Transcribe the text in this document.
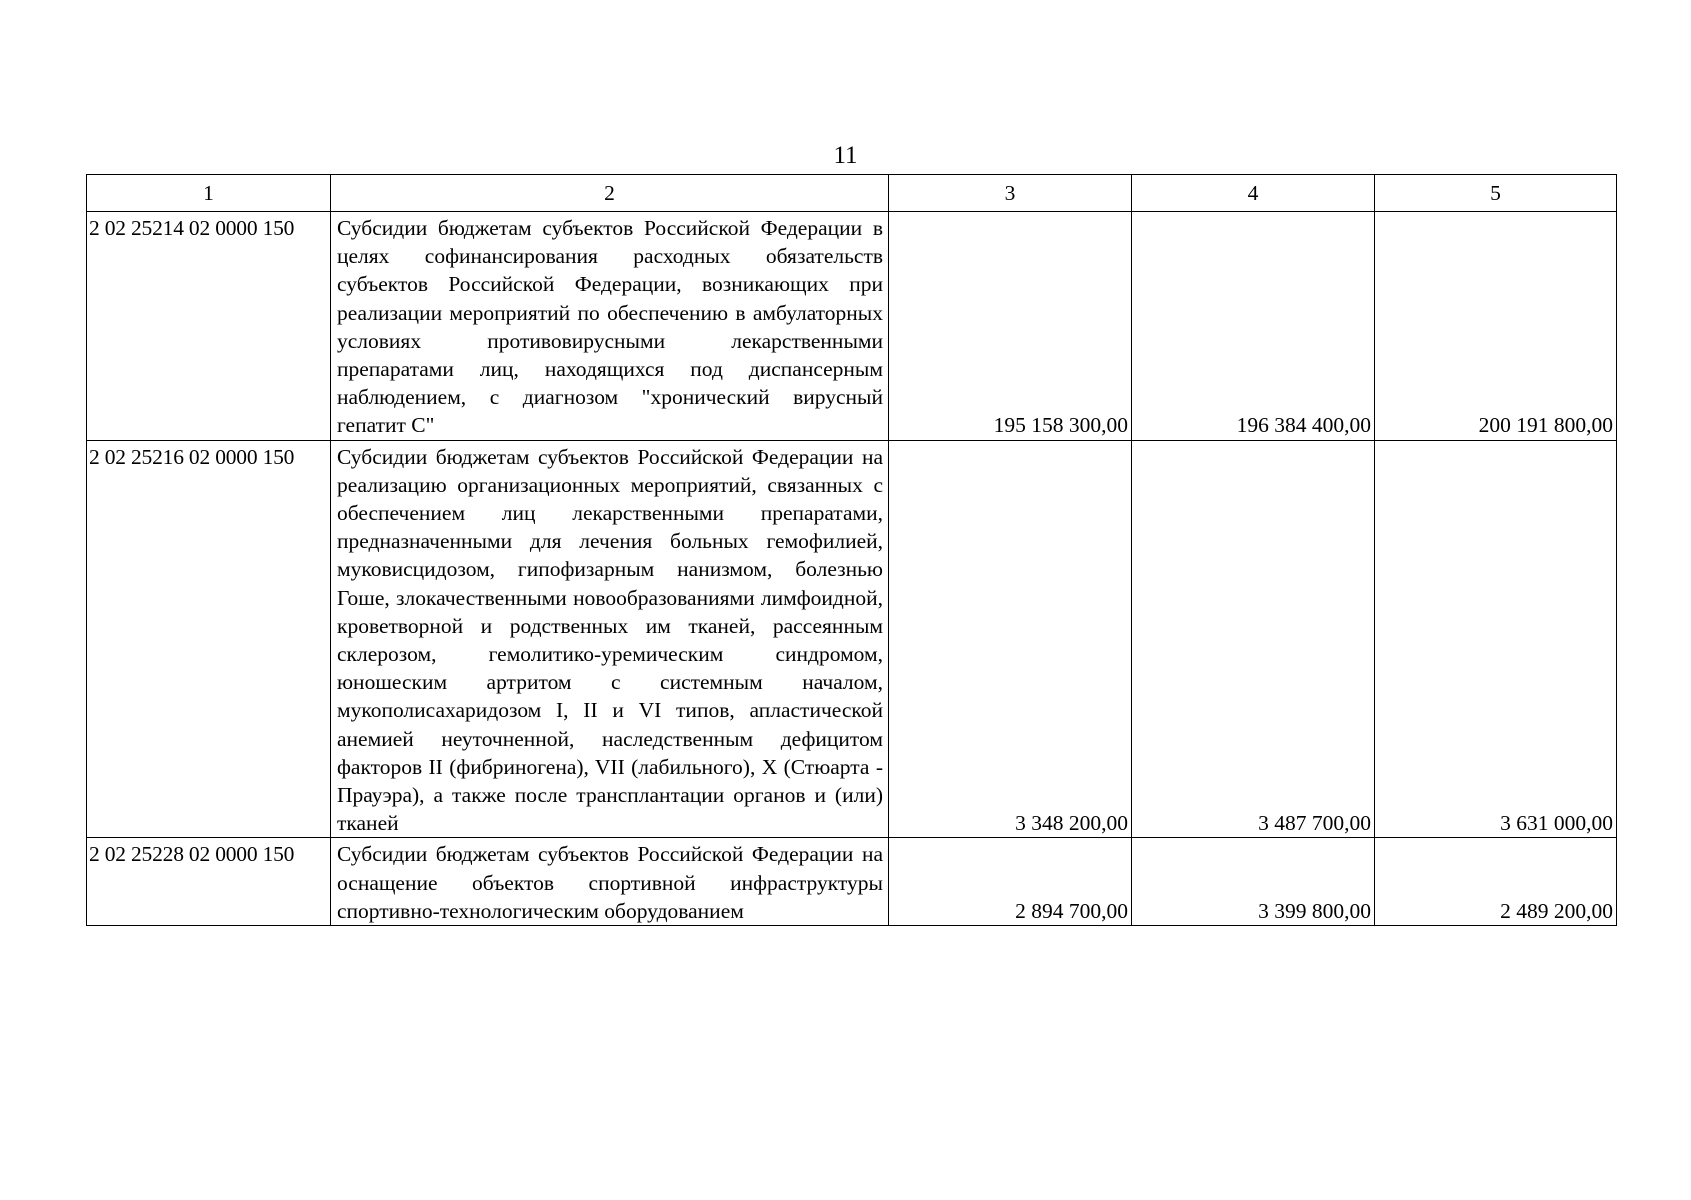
11
1	2	3	4	5
2 02 25214 02 0000 150	Субсидии бюджетам субъектов Российской Федерации в целях софинансирования расходных обязательств субъектов Российской Федерации, возникающих при реализации мероприятий по обеспечению в амбулаторных условиях противовирусными лекарственными препаратами лиц, находящихся под диспансерным наблюдением, с диагнозом "хронический вирусный гепатит С"	195 158 300,00	196 384 400,00	200 191 800,00
2 02 25216 02 0000 150	Субсидии бюджетам субъектов Российской Федерации на реализацию организационных мероприятий, связанных с обеспечением лиц лекарственными препаратами, предназначенными для лечения больных гемофилией, муковисцидозом, гипофизарным нанизмом, болезнью Гоше, злокачественными новообразованиями лимфоидной, кроветворной и родственных им тканей, рассеянным склерозом, гемолитико-уремическим синдромом, юношеским артритом с системным началом, мукополисахаридозом I, II и VI типов, апластической анемией неуточненной, наследственным дефицитом факторов II (фибриногена), VII (лабильного), X (Стюарта - Прауэра), а также после трансплантации органов и (или) тканей	3 348 200,00	3 487 700,00	3 631 000,00
2 02 25228 02 0000 150	Субсидии бюджетам субъектов Российской Федерации на оснащение объектов спортивной инфраструктуры спортивно-технологическим оборудованием	2 894 700,00	3 399 800,00	2 489 200,00
